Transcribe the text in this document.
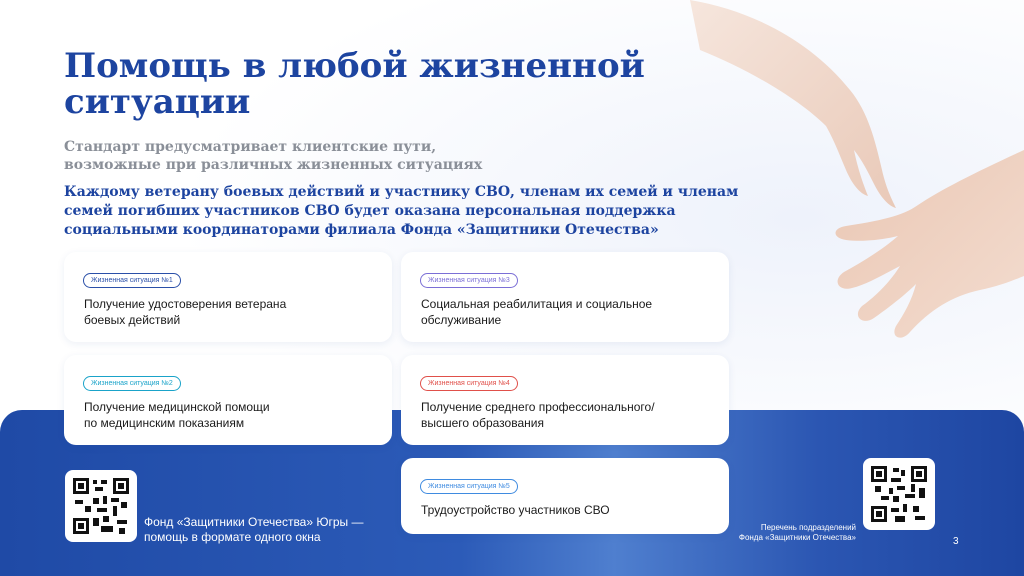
Помощь в любой жизненной
ситуации
Стандарт предусматривает клиентские пути,
возможные при различных жизненных ситуациях
Каждому ветерану боевых действий и участнику СВО, членам их семей и членам
семей погибших участников СВО будет оказана персональная поддержка
социальными координаторами филиала Фонда «Защитники Отечества»
Жизненная ситуация №1
Получение удостоверения ветерана
боевых действий
Жизненная ситуация №2
Получение медицинской помощи
по медицинским показаниям
Жизненная ситуация №3
Социальная реабилитация и социальное
обслуживание
Жизненная ситуация №4
Получение среднего профессионального/
высшего образования
Жизненная ситуация №5
Трудоустройство участников СВО
Фонд «Защитники Отечества» Югры —
помощь в формате одного окна
Перечень подразделений
Фонда «Защитники Отечества»	3
